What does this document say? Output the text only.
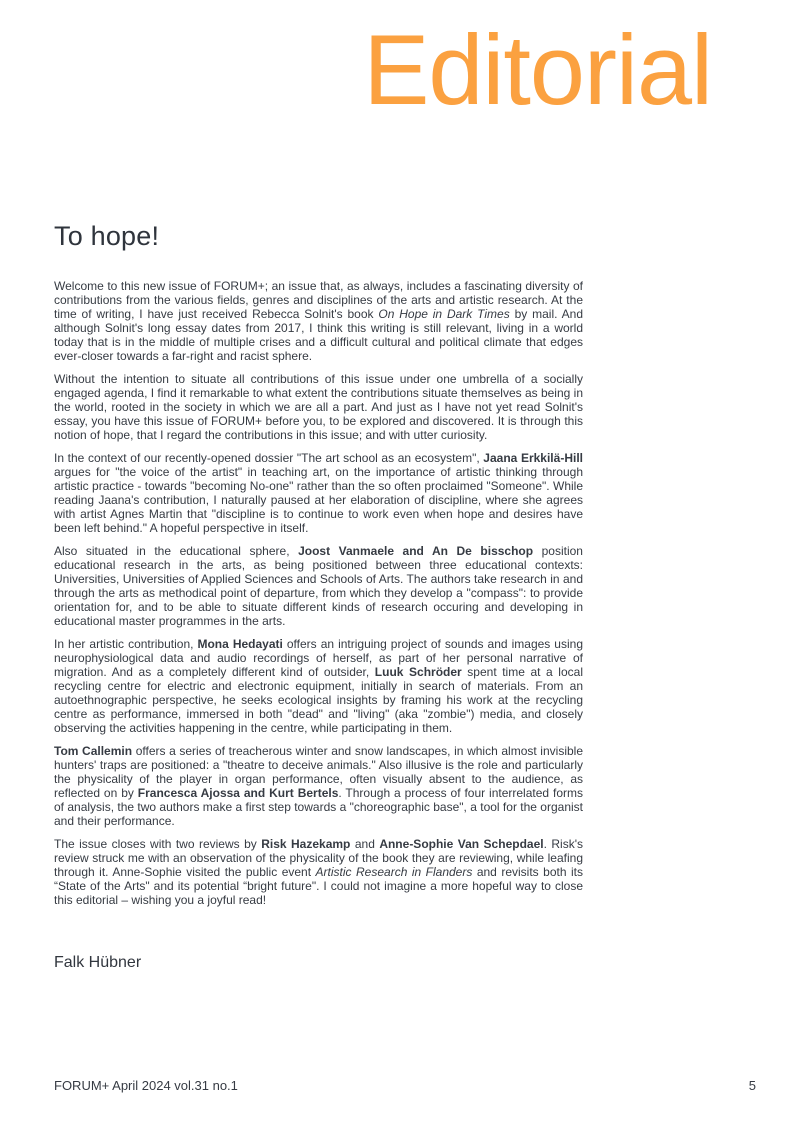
Editorial
To hope!

Welcome to this new issue of FORUM+; an issue that, as always, includes a fascinating diversity of contributions from the various fields, genres and disciplines of the arts and artistic research. At the time of writing, I have just received Rebecca Solnit's book On Hope in Dark Times by mail. And although Solnit's long essay dates from 2017, I think this writing is still relevant, living in a world today that is in the middle of multiple crises and a difficult cultural and political climate that edges ever-closer towards a far-right and racist sphere.

Without the intention to situate all contributions of this issue under one umbrella of a socially engaged agenda, I find it remarkable to what extent the contributions situate themselves as being in the world, rooted in the society in which we are all a part. And just as I have not yet read Solnit's essay, you have this issue of FORUM+ before you, to be explored and discovered. It is through this notion of hope, that I regard the contributions in this issue; and with utter curiosity.

In the context of our recently-opened dossier "The art school as an ecosystem", Jaana Erkkilä-Hill argues for "the voice of the artist" in teaching art, on the importance of artistic thinking through artistic practice - towards "becoming No-one" rather than the so often proclaimed "Someone". While reading Jaana's contribution, I naturally paused at her elaboration of discipline, where she agrees with artist Agnes Martin that "discipline is to continue to work even when hope and desires have been left behind." A hopeful perspective in itself.

Also situated in the educational sphere, Joost Vanmaele and An De bisschop position educational research in the arts, as being positioned between three educational contexts: Universities, Universities of Applied Sciences and Schools of Arts. The authors take research in and through the arts as methodical point of departure, from which they develop a "compass": to provide orientation for, and to be able to situate different kinds of research occuring and developing in educational master programmes in the arts.

In her artistic contribution, Mona Hedayati offers an intriguing project of sounds and images using neurophysiological data and audio recordings of herself, as part of her personal narrative of migration. And as a completely different kind of outsider, Luuk Schröder spent time at a local recycling centre for electric and electronic equipment, initially in search of materials. From an autoethnographic perspective, he seeks ecological insights by framing his work at the recycling centre as performance, immersed in both "dead" and "living" (aka "zombie") media, and closely observing the activities happening in the centre, while participating in them.

Tom Callemin offers a series of treacherous winter and snow landscapes, in which almost invisible hunters' traps are positioned: a "theatre to deceive animals." Also illusive is the role and particularly the physicality of the player in organ performance, often visually absent to the audience, as reflected on by Francesca Ajossa and Kurt Bertels. Through a process of four interrelated forms of analysis, the two authors make a first step towards a "choreographic base", a tool for the organist and their performance.

The issue closes with two reviews by Risk Hazekamp and Anne-Sophie Van Schepdael. Risk's review struck me with an observation of the physicality of the book they are reviewing, while leafing through it. Anne-Sophie visited the public event Artistic Research in Flanders and revisits both its “State of the Arts" and its potential “bright future". I could not imagine a more hopeful way to close this editorial – wishing you a joyful read!

Falk Hübner
FORUM+ April 2024 vol.31 no.1	5
